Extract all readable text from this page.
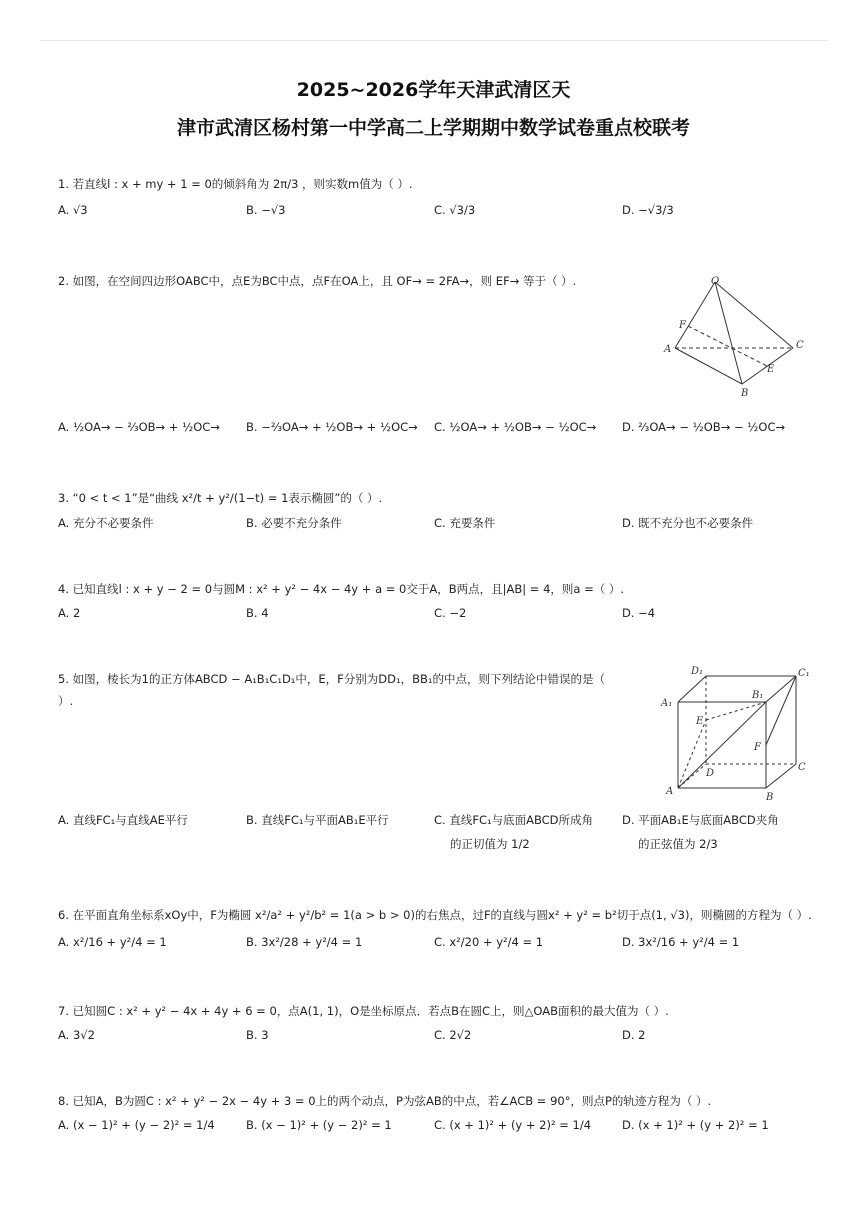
2025~2026学年天津武清区天
津市武清区杨村第一中学高二上学期期中数学试卷重点校联考
1. 若直线l : x + my + 1 = 0的倾斜角为 2π/3 ，则实数m值为（ ）.
A. √3	B. −√3	C. √3/3	D. −√3/3
2. 如图，在空间四边形OABC中，点E为BC中点，点F在OA上，且 OF→ = 2FA→，则 EF→ 等于（ ）.	O
F
A	C
E
B
A. ½OA→ − ⅔OB→ + ½OC→ B. −⅔OA→ + ½OB→ + ½OC→ C. ½OA→ + ½OB→ − ½OC→ D. ⅔OA→ − ½OB→ − ½OC→
3. “0 < t < 1”是“曲线 x²/t + y²/(1−t) = 1表示椭圆”的（ ）.
A. 充分不必要条件	B. 必要不充分条件	C. 充要条件	D. 既不充分也不必要条件
4. 已知直线l : x + y − 2 = 0与圆M : x² + y² − 4x − 4y + a = 0交于A，B两点，且|AB| = 4，则a =（ ）.
A. 2	B. 4	C. −2	D. −4
5. 如图，棱长为1的正方体ABCD − A₁B₁C₁D₁中，E，F分别为DD₁，BB₁的中点，则下列结论中错误的是（
）.
D₁	C₁
A₁
B₁
E
F
D
C
A
B
A. 直线FC₁与直线AE平行	B. 直线FC₁与平面AB₁E平行	C. 直线FC₁与底面ABCD所成角
的正切值为 1/2
D. 平面AB₁E与底面ABCD夹角
的正弦值为 2/3
6. 在平面直角坐标系xOy中，F为椭圆 x²/a² + y²/b² = 1(a > b > 0)的右焦点，过F的直线与圆x² + y² = b²切于点(1, √3)，则椭圆的方程为（ ）.
A. x²/16 + y²/4 = 1	B. 3x²/28 + y²/4 = 1	C. x²/20 + y²/4 = 1	D. 3x²/16 + y²/4 = 1
7. 已知圆C : x² + y² − 4x + 4y + 6 = 0，点A(1, 1)，O是坐标原点．若点B在圆C上，则△OAB面积的最大值为（ ）.
A. 3√2	B. 3	C. 2√2	D. 2
8. 已知A，B为圆C : x² + y² − 2x − 4y + 3 = 0上的两个动点，P为弦AB的中点，若∠ACB = 90°，则点P的轨迹方程为（ ）.
A. (x − 1)² + (y − 2)² = 1/4	B. (x − 1)² + (y − 2)² = 1	C. (x + 1)² + (y + 2)² = 1/4	D. (x + 1)² + (y + 2)² = 1
